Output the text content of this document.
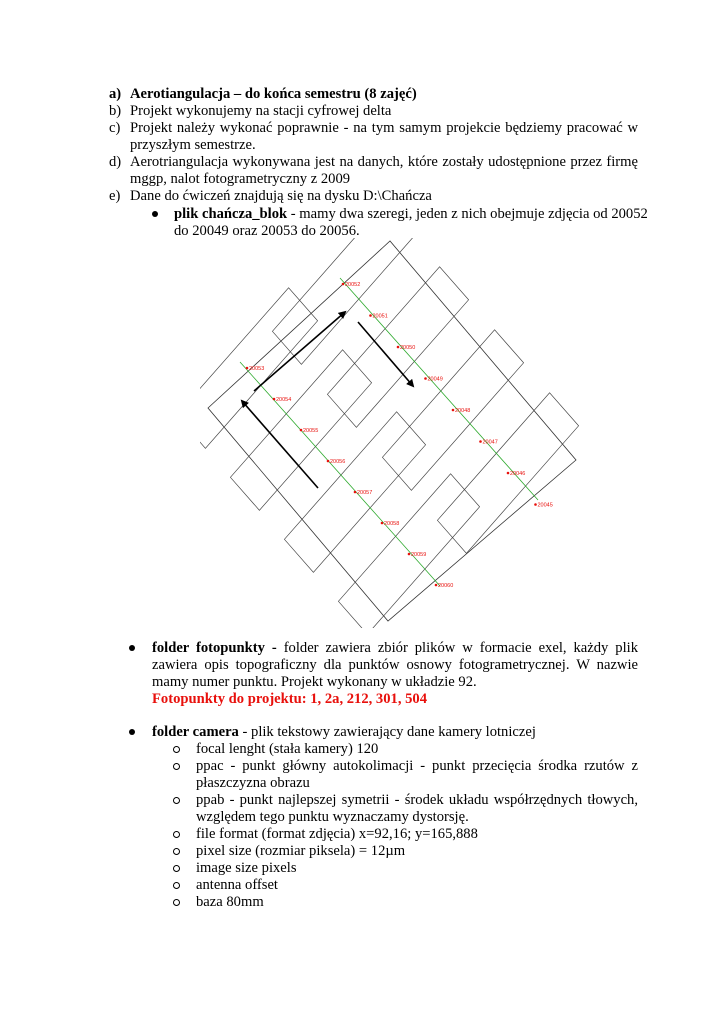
a) Aerotiangulacja – do końca semestru (8 zajęć)
b) Projekt wykonujemy na stacji cyfrowej delta
c) Projekt należy wykonać poprawnie - na tym samym projekcie będziemy pracować w
przyszłym semestrze.
d) Aerotriangulacja wykonywana jest na danych, które zostały udostępnione przez firmę
mggp, nalot fotogrametryczny z 2009
e) Dane do ćwiczeń znajdują się na dysku D:\Chańcza
plik chańcza_blok - mamy dwa szeregi, jeden z nich obejmuje zdjęcia od 20052
do 20049 oraz 20053 do 20056.
20052
20051
20050
20049
20048
20047
20046
20045
20053
20054
20055
20056
20057
20058
20059
20060
folder fotopunkty - folder zawiera zbiór plików w formacie exel, każdy plik
zawiera opis topograficzny dla punktów osnowy fotogrametrycznej. W nazwie
mamy numer punktu. Projekt wykonany w układzie 92.
Fotopunkty do projektu: 1, 2a, 212, 301, 504
folder camera - plik tekstowy zawierający dane kamery lotniczej
focal lenght (stała kamery) 120
ppac - punkt główny autokolimacji - punkt przecięcia środka rzutów z
płaszczyzna obrazu
ppab - punkt najlepszej symetrii - środek układu współrzędnych tłowych,
względem tego punktu wyznaczamy dystorsję.
file format (format zdjęcia) x=92,16; y=165,888
pixel size (rozmiar piksela) = 12µm
image size pixels
antenna offset
baza 80mm
